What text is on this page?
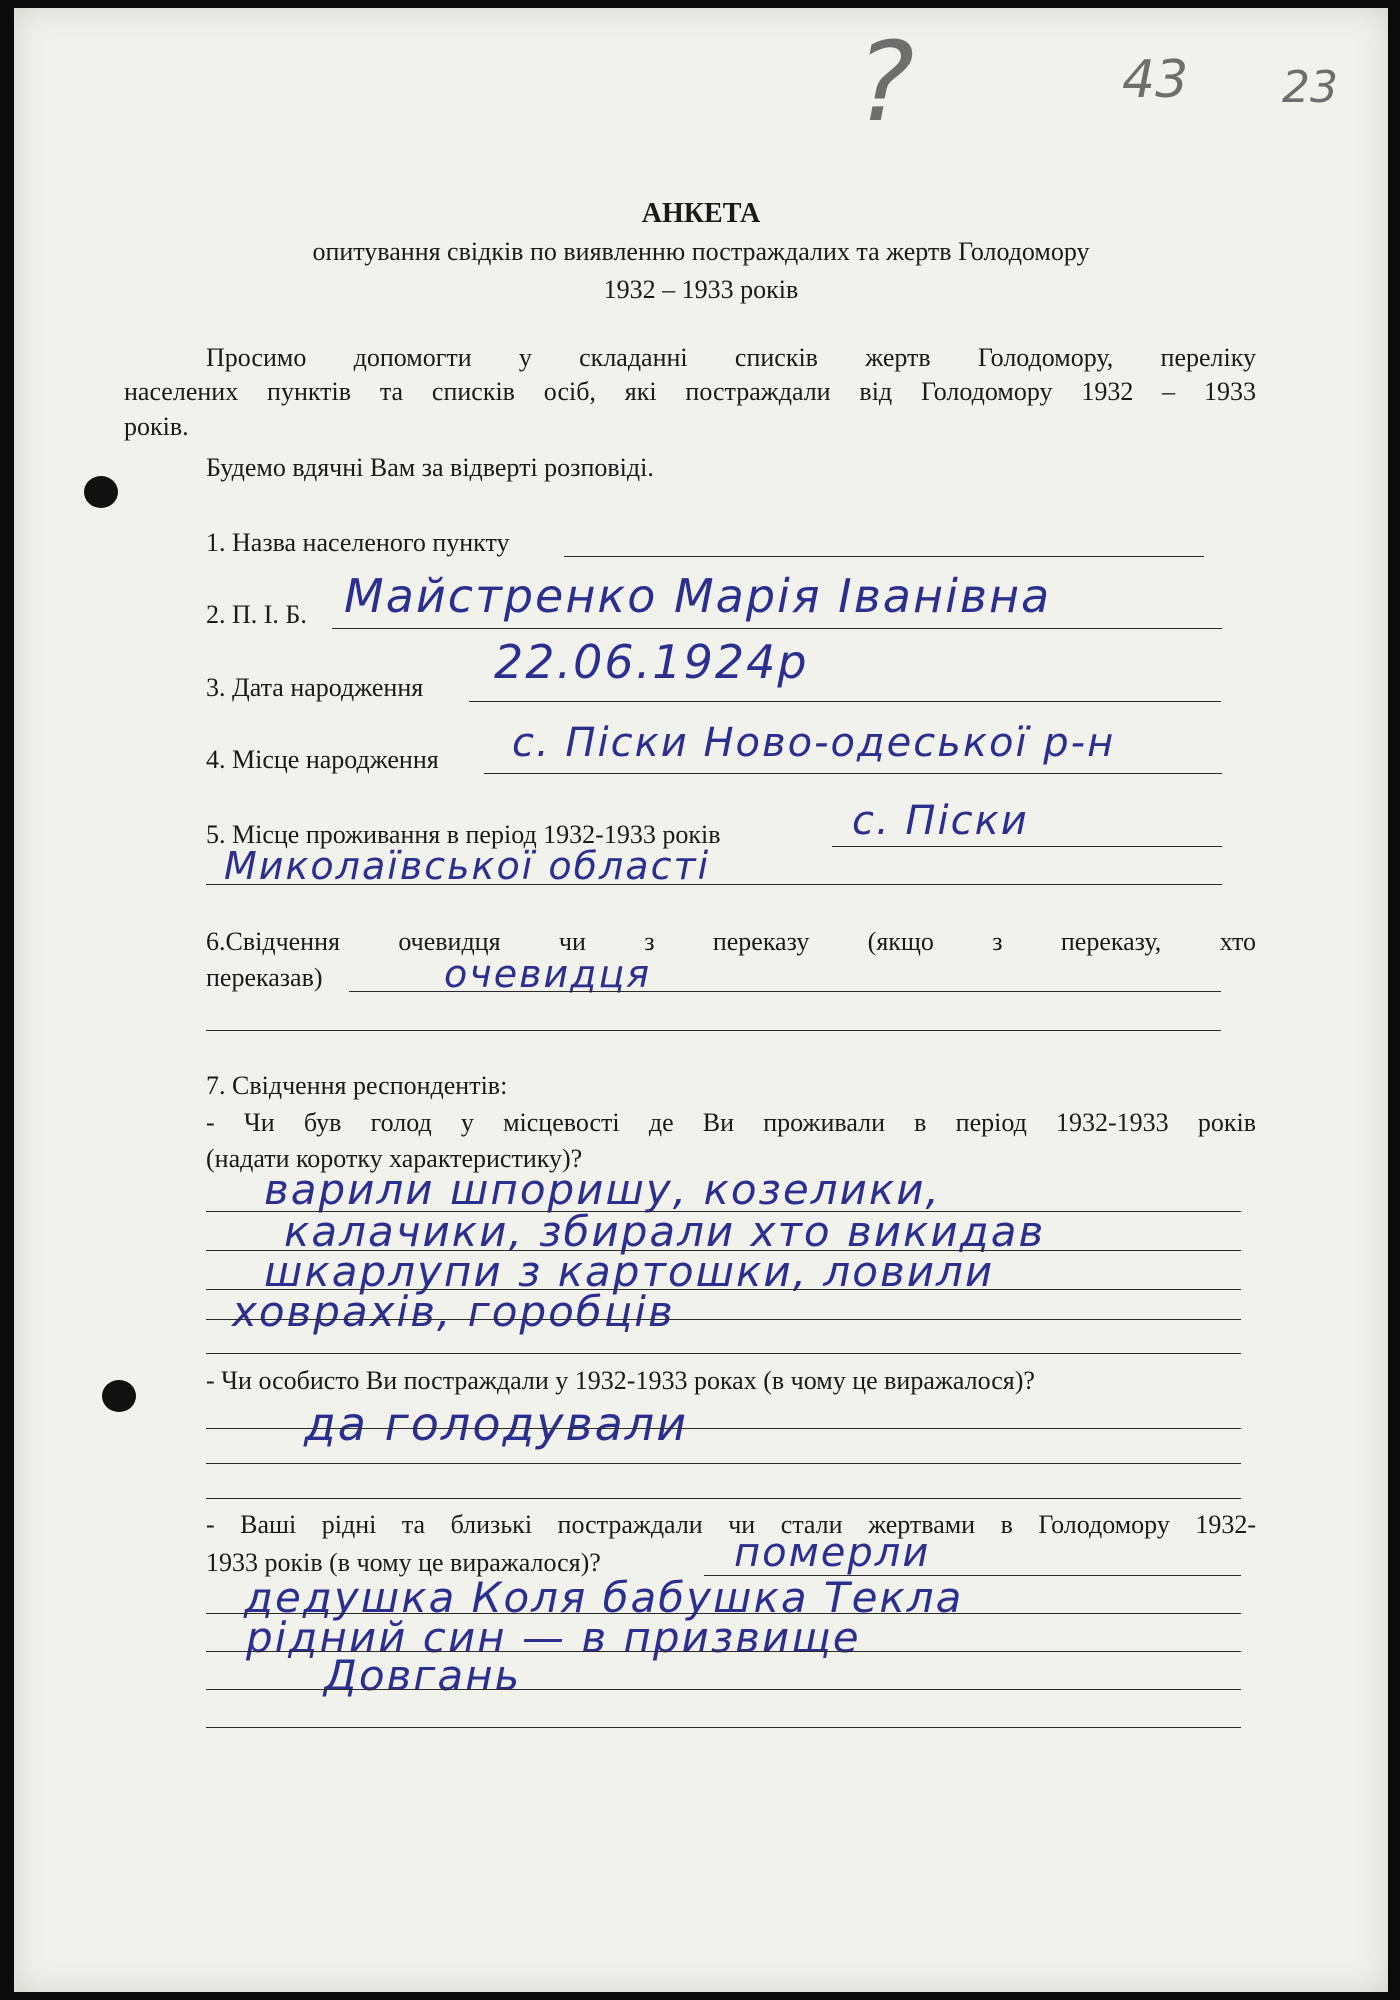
?	43 23
АНКЕТА
опитування свідків по виявленню постраждалих та жертв Голодомору
1932 – 1933 років
Просимо допомогти у складанні списків жертв Голодомору, переліку
населених пунктів та списків осіб, які постраждали від Голодомору 1932 – 1933
років.
Будемо вдячні Вам за відверті розповіді.
1. Назва населеного пункту
2. П. І. Б. Майстренко Марія Іванівна
3. Дата народження 22.06.1924р
4. Місце народження с. Піски Ново-одеської р-н
5. Місце проживання в період 1932-1933 років	с. Піски
Миколаївської області
6.Свідчення очевидця чи з переказу (якщо з переказу, хто
переказав)	очевидця
7. Свідчення респондентів:
- Чи був голод у місцевості де Ви проживали в період 1932-1933 років
(надати коротку характеристику)?
варили шпоришу, козелики,
калачики, збирали хто викидав
шкарлупи з картошки, ловили
ховрахів, горобців
- Чи особисто Ви постраждали у 1932-1933 роках (в чому це виражалося)?
да голодували
- Ваші рідні та близькі постраждали чи стали жертвами в Голодомору 1932-
1933 років (в чому це виражалося)?	померли
дедушка Коля бабушка Текла
рідний син — в призвище
Довгань
